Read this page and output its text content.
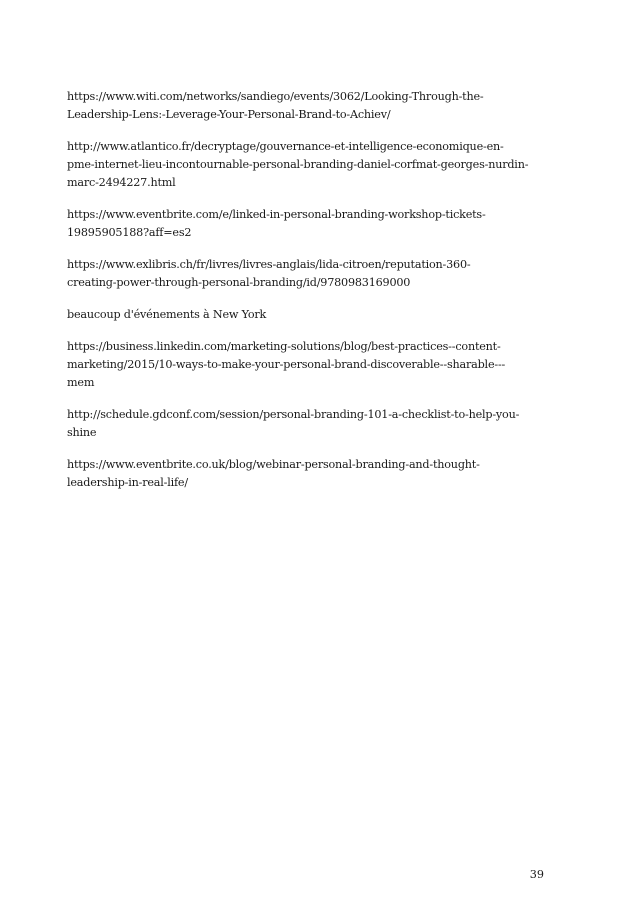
https://www.witi.com/networks/sandiego/events/3062/Looking-Through-the-
Leadership-Lens:-Leverage-Your-Personal-Brand-to-Achiev/

http://www.atlantico.fr/decryptage/gouvernance-et-intelligence-economique-en-
pme-internet-lieu-incontournable-personal-branding-daniel-corfmat-georges-nurdin-
marc-2494227.html

https://www.eventbrite.com/e/linked-in-personal-branding-workshop-tickets-
19895905188?aff=es2

https://www.exlibris.ch/fr/livres/livres-anglais/lida-citroen/reputation-360-
creating-power-through-personal-branding/id/9780983169000

beaucoup d'événements à New York

https://business.linkedin.com/marketing-solutions/blog/best-practices--content-
marketing/2015/10-ways-to-make-your-personal-brand-discoverable--sharable---
mem

http://schedule.gdconf.com/session/personal-branding-101-a-checklist-to-help-you-
shine

https://www.eventbrite.co.uk/blog/webinar-personal-branding-and-thought-
leadership-in-real-life/

39
